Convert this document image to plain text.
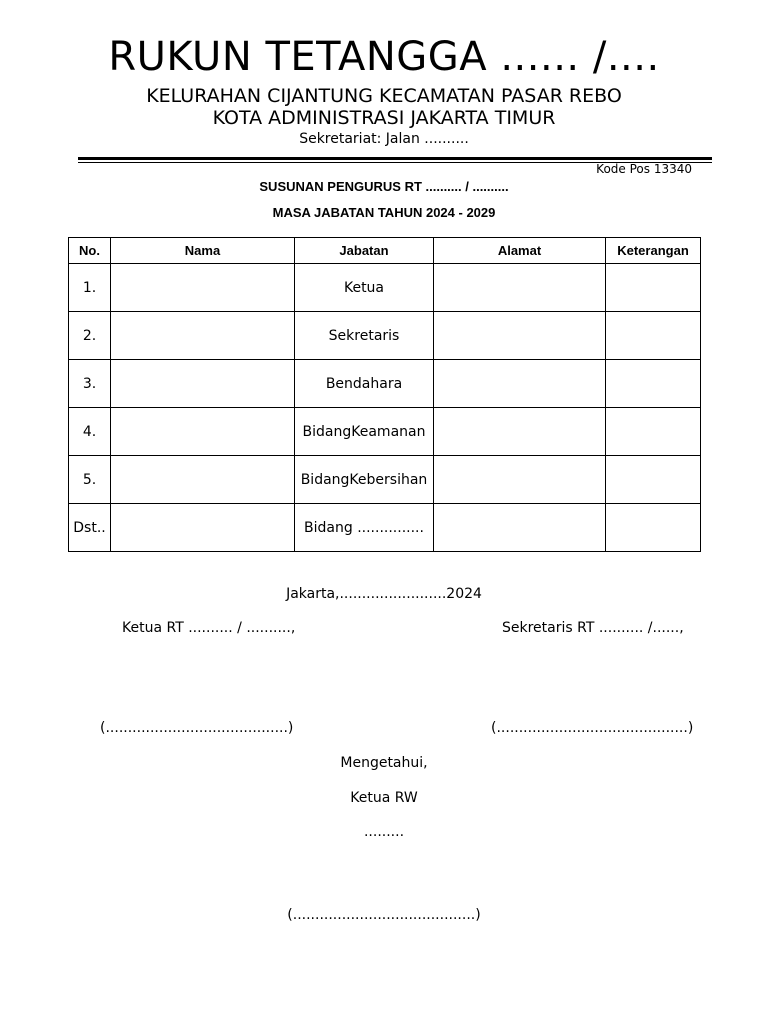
RUKUN TETANGGA ...... /....
KELURAHAN CIJANTUNG KECAMATAN PASAR REBO
KOTA ADMINISTRASI JAKARTA TIMUR
Sekretariat: Jalan ..........
Kode Pos 13340
SUSUNAN PENGURUS RT .......... / ..........
MASA JABATAN TAHUN 2024 - 2029
No.	Nama	Jabatan	Alamat	Keterangan
1.		Ketua		
2.		Sekretaris		
3.		Bendahara		
4.		BidangKeamanan		
5.		BidangKebersihan		
Dst..		Bidang ...............		
Jakarta,........................2024
Ketua RT .......... / ..........,	Sekretaris RT .......... /......,
(.........................................)	(...........................................)
Mengetahui,
Ketua RW
.........
(.........................................)
